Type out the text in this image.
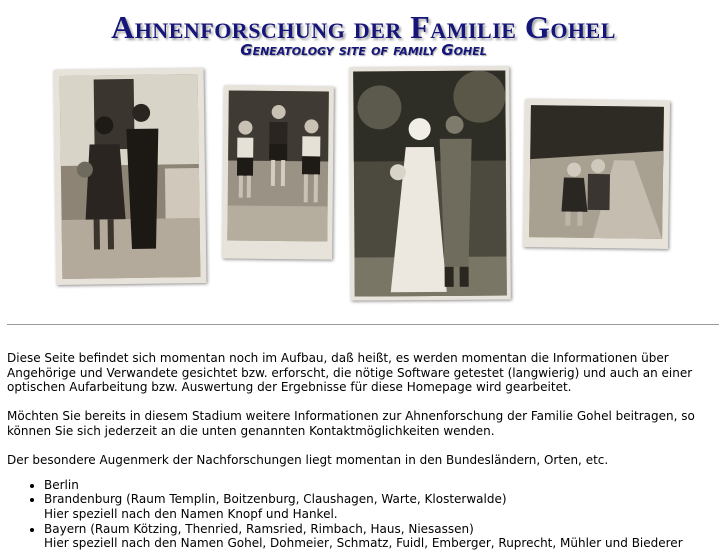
Ahnenforschung der Familie Gohel
Geneatology site of family Gohel

Diese Seite befindet sich momentan noch im Aufbau, daß heißt, es werden momentan die Informationen über Angehörige und Verwandete gesichtet bzw. erforscht, die nötige Software getestet (langwierig) und auch an einer optischen Aufarbeitung bzw. Auswertung der Ergebnisse für diese Homepage wird gearbeitet.

Möchten Sie bereits in diesem Stadium weitere Informationen zur Ahnenforschung der Familie Gohel beitragen, so können Sie sich jederzeit an die unten genannten Kontaktmöglichkeiten wenden.

Der besondere Augenmerk der Nachforschungen liegt momentan in den Bundesländern, Orten, etc.

• Berlin
• Brandenburg (Raum Templin, Boitzenburg, Claushagen, Warte, Klosterwalde)
Hier speziell nach den Namen Knopf und Hankel.
• Bayern (Raum Kötzing, Thenried, Ramsried, Rimbach, Haus, Niesassen)
Hier speziell nach den Namen Gohel, Dohmeier, Schmatz, Fuidl, Emberger, Ruprecht, Mühler und Biederer
